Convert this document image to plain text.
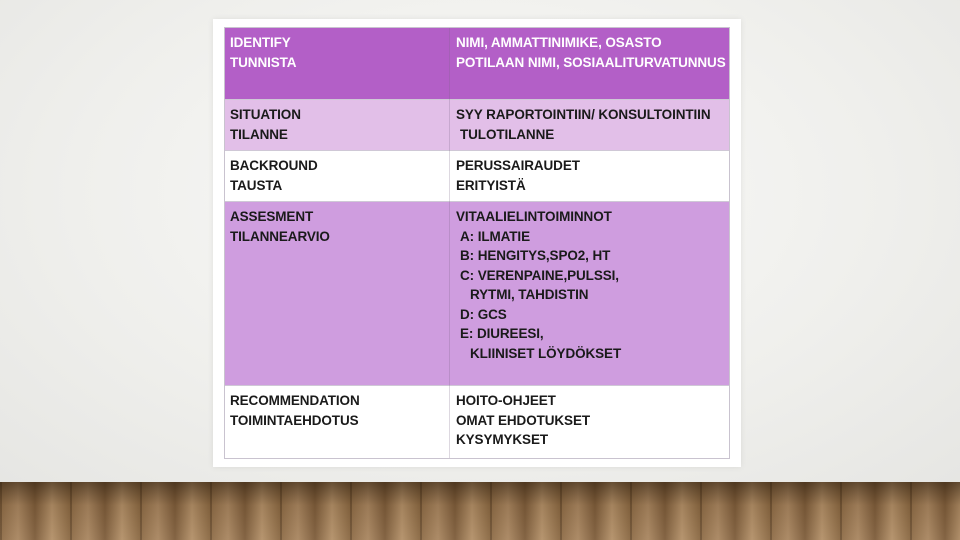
IDENTIFY
TUNNISTA
NIMI, AMMATTINIMIKE, OSASTO
POTILAAN NIMI, SOSIAALITURVATUNNUS
SITUATION
TILANNE
SYY RAPORTOINTIIN/ KONSULTOINTIIN
TULOTILANNE
BACKROUND
TAUSTA
PERUSSAIRAUDET
ERITYISTÄ
ASSESMENT
TILANNEARVIO
VITAALIELINTOIMINNOT
A: ILMATIE
B: HENGITYS,SPO2, HT
C: VERENPAINE,PULSSI,
RYTMI, TAHDISTIN
D: GCS
E: DIUREESI,
KLIINISET LÖYDÖKSET
RECOMMENDATION
TOIMINTAEHDOTUS
HOITO-OHJEET
OMAT EHDOTUKSET
KYSYMYKSET
